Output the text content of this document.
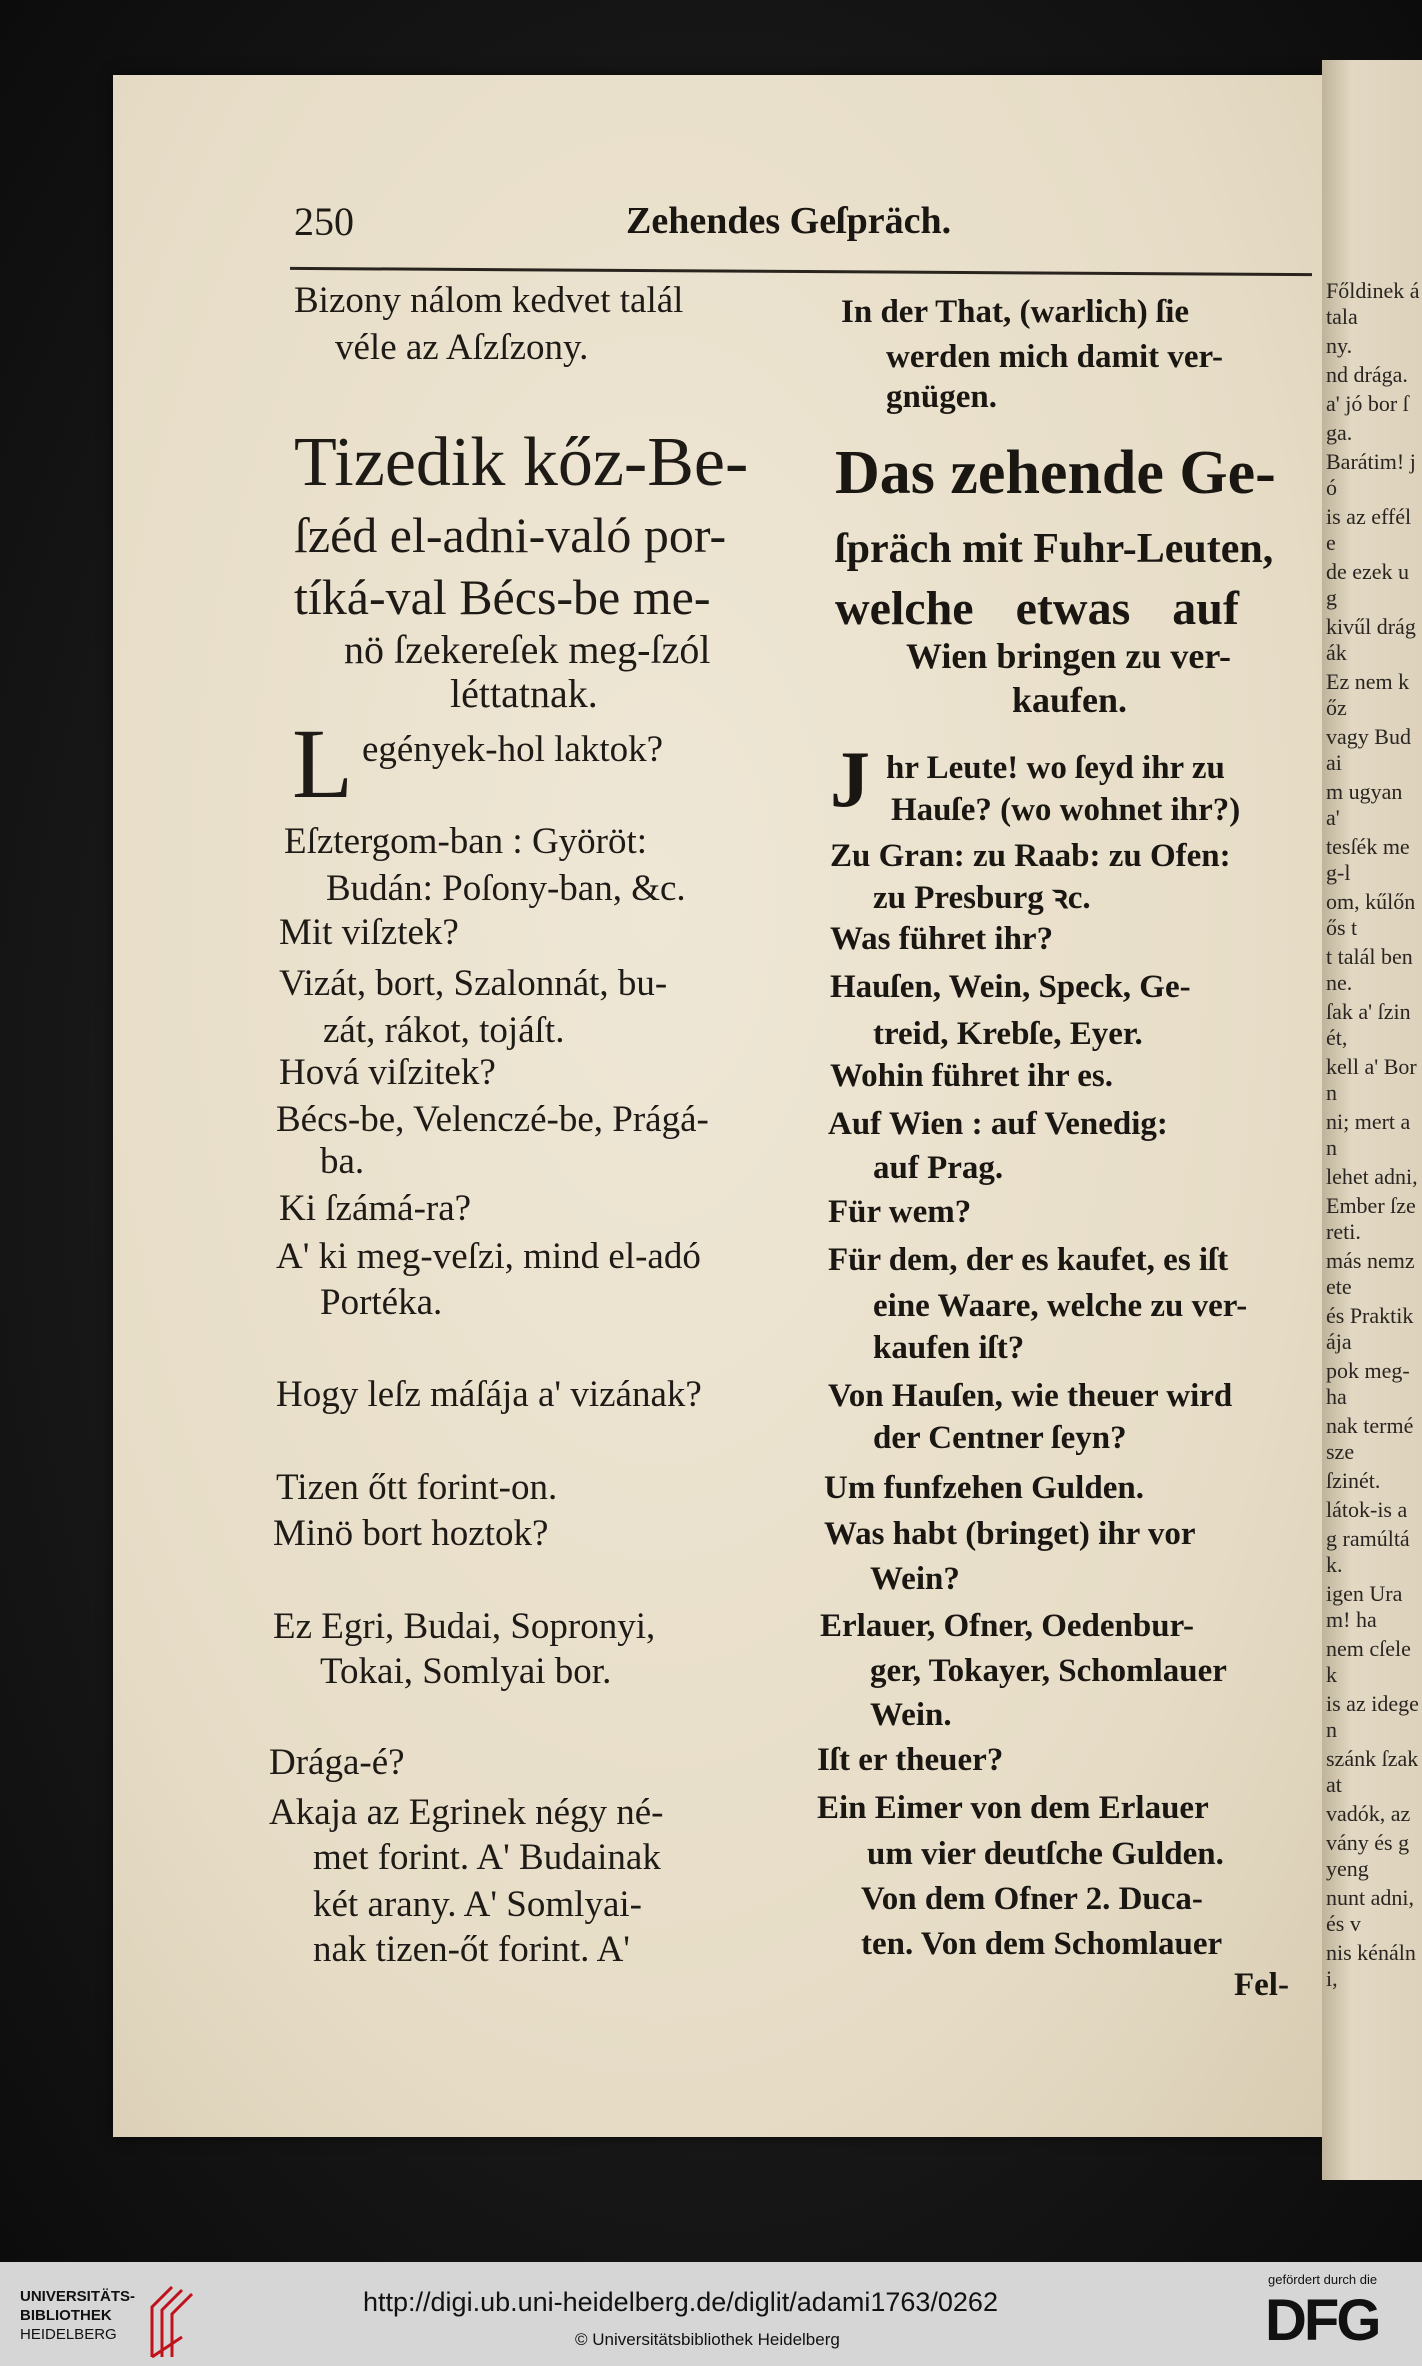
Főldinek átala
ny.
nd drága.
a' jó bor ſ
ga.
Barátim! jó
is az efféle
de ezek ug
kivűl drágák
Ez nem kőz
vagy Budai
m ugyan a'
tesſék meg-l
om, kűlőnős t
t talál benne.
ſak a' ſzinét,
kell a' Born
ni; mert an
lehet adni,
Ember ſzereti.
más nemzete
és Praktikája
pok meg-ha
nak természe
ſzinét.
látok-is a
g ramúlták.
igen Uram! ha
nem cſelek
is az idegen
szánk ſzakat
vadók, az
vány és gyeng
nunt adni, és v
nis kénálni,
250	Zehendes Geſpräch.
Bizony nálom kedvet talál
véle az Aſzſzony.
Tizedik kőz-Be-
ſzéd el-adni-való por-
tíká-val Bécs-be me-
nö ſzekereſek meg-ſzól
léttatnak.
L egények-hol laktok?
Eſztergom-ban : Györöt:
Budán: Poſony-ban, &c.
Mit viſztek?
Vizát, bort, Szalonnát, bu-
zát, rákot, tojáſt.
Hová viſzitek?
Bécs-be, Velenczé-be, Prágá-
ba.
Ki ſzámá-ra?
A' ki meg-veſzi, mind el-adó
Portéka.
Hogy leſz máſája a' vizának?
Tizen őtt forint-on.
Minö bort hoztok?
Ez Egri, Budai, Sopronyi,
Tokai, Somlyai bor.
Drága-é?
Akaja az Egrinek négy né-
met forint. A' Budainak
két arany. A' Somlyai-
nak tizen-őt forint. A'
In der That, (warlich) ſie
werden mich damit ver-
gnügen.
Das zehende Ge-
ſpräch mit Fuhr-Leuten,
welche etwas auf
Wien bringen zu ver-
kaufen.
J hr Leute! wo ſeyd ihr zu
Hauſe? (wo wohnet ihr?)
Zu Gran: zu Raab: zu Ofen:
zu Presburg ꝛc.
Was führet ihr?
Hauſen, Wein, Speck, Ge-
treid, Krebſe, Eyer.
Wohin führet ihr es.
Auf Wien : auf Venedig:
auf Prag.
Für wem?
Für dem, der es kaufet, es iſt
eine Waare, welche zu ver-
kaufen iſt?
Von Hauſen, wie theuer wird
der Centner ſeyn?
Um funfzehen Gulden.
Was habt (bringet) ihr vor
Wein?
Erlauer, Ofner, Oedenbur-
ger, Tokayer, Schomlauer
Wein.
Iſt er theuer?
Ein Eimer von dem Erlauer
um vier deutſche Gulden.
Von dem Ofner 2. Duca-
ten. Von dem Schomlauer
Fel-
UNIVERSITÄTS-
BIBLIOTHEK
HEIDELBERG
http://digi.ub.uni-heidelberg.de/diglit/adami1763/0262
© Universitätsbibliothek Heidelberg
gefördert durch die
DFG
